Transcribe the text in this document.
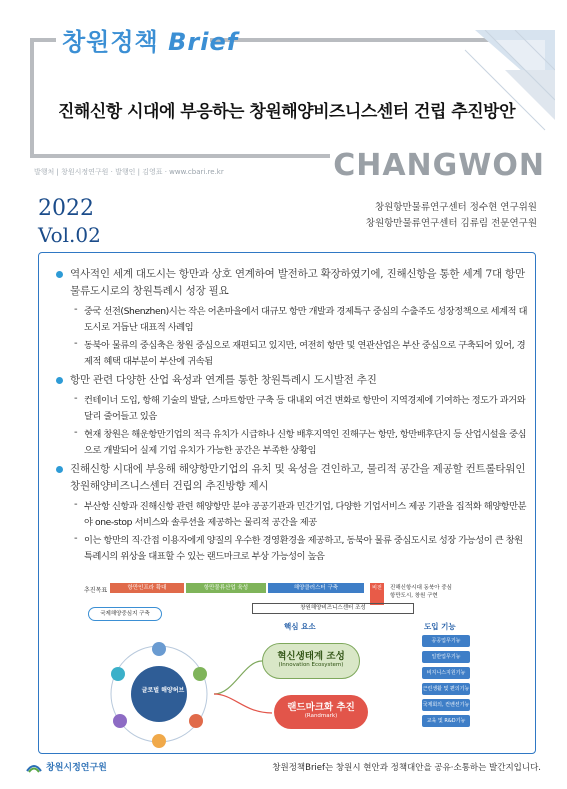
창원정책 Brief
진해신항 시대에 부응하는 창원해양비즈니스센터 건립 추진방안
발행처 | 창원시정연구원 · 발행인 | 김영표 · www.cbari.re.kr	CHANGWON
2022
Vol.02
창원항만물류연구센터 정수현 연구위원
창원항만물류연구센터 김류림 전문연구원
역사적인 세계 대도시는 항만과 상호 연계하여 발전하고 확장하였기에, 진해신항을 통한 세계 7대 항만물류도시로의 창원특례시 성장 필요
- 중국 선전(Shenzhen)시는 작은 어촌마을에서 대규모 항만 개발과 경제특구 중심의 수출주도 성장정책으로 세계적 대도시로 거듭난 대표적 사례임
- 동북아 물류의 중심축은 창원 중심으로 재편되고 있지만, 여전히 항만 및 연관산업은 부산 중심으로 구축되어 있어, 경제적 혜택 대부분이 부산에 귀속됨
항만 관련 다양한 산업 육성과 연계를 통한 창원특례시 도시발전 추진
- 컨테이너 도입, 항해 기술의 발달, 스마트항만 구축 등 대내외 여건 변화로 항만이 지역경제에 기여하는 정도가 과거와 달리 줄어들고 있음
- 현재 창원은 해운항만기업의 적극 유치가 시급하나 신항 배후지역인 진해구는 항만, 항만배후단지 등 산업시설을 중심으로 개발되어 실제 기업 유치가 가능한 공간은 부족한 상황임
진해신항 시대에 부응해 해양항만기업의 유치 및 육성을 견인하고, 물리적 공간을 제공할 컨트롤타워인 창원해양비즈니스센터 건립의 추진방향 제시
- 부산항 신항과 진해신항 관련 해양항만 분야 공공기관과 민간기업, 다양한 기업서비스 제공 기관을 집적화 해양항만분야 one-stop 서비스와 솔루션을 제공하는 물리적 공간을 제공
- 이는 항만의 직·간접 이용자에게 양질의 우수한 경영환경을 제공하고, 동북아 물류 중심도시로 성장 가능성이 큰 창원특례시의 위상을 대표할 수 있는 랜드마크로 부상 가능성이 높음
추진목표	항만인프라 확대	항만물류산업 육성	해양클러스터 구축	비전	진해신항시대 동북아 중심
항만도시, 창원 구현
창원해양비즈니스센터 조성
국제해양중심지 구축
핵심 요소	도입 기능
글로벌 해양허브
혁신생태계 조성
(Innovation Ecosystem)
랜드마크화 추진
(Randmark)
공공업무기능
일반업무기능
비지니스지원기능
근린생활 및 편의기능
국제회의, 컨벤션기능
교육 및 R&D기능
창원시정연구원	창원정책Brief는 창원시 현안과 정책대안을 공유·소통하는 발간지입니다.
